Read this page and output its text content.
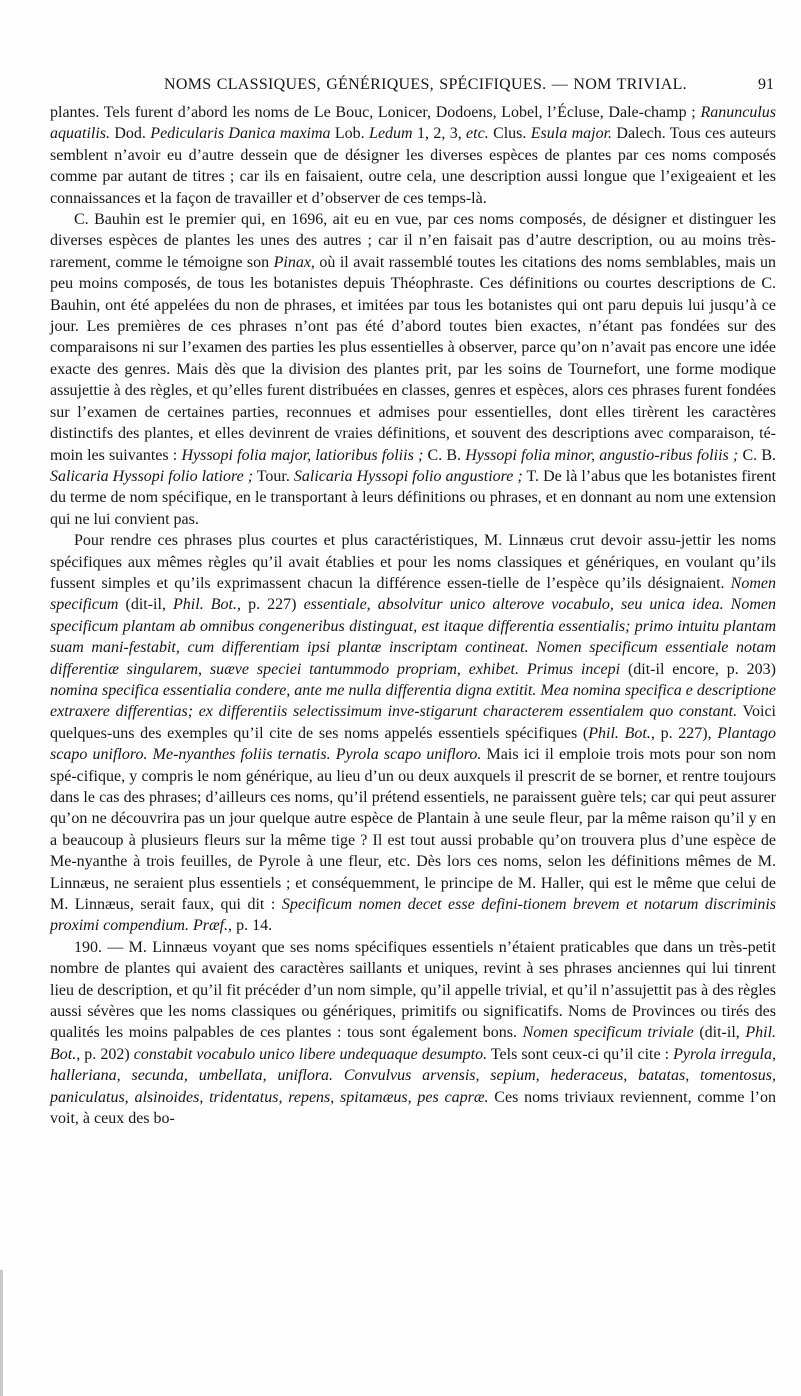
NOMS CLASSIQUES, GÉNÉRIQUES, SPÉCIFIQUES. — NOM TRIVIAL.	91

plantes. Tels furent d’abord les noms de Le Bouc, Lonicer, Dodoens, Lobel, l’Écluse, Dale-champ ; Ranunculus aquatilis. Dod. Pedicularis Danica maxima Lob. Ledum 1, 2, 3, etc. Clus. Esula major. Dalech. Tous ces auteurs semblent n’avoir eu d’autre dessein que de désigner les diverses espèces de plantes par ces noms composés comme par autant de titres ; car ils en faisaient, outre cela, une description aussi longue que l’exigeaient et les connaissances et la façon de travailler et d’observer de ces temps-là.

C. Bauhin est le premier qui, en 1696, ait eu en vue, par ces noms composés, de désigner et distinguer les diverses espèces de plantes les unes des autres ; car il n’en faisait pas d’autre description, ou au moins très-rarement, comme le témoigne son Pinax, où il avait rassemblé toutes les citations des noms semblables, mais un peu moins composés, de tous les botanistes depuis Théophraste. Ces définitions ou courtes descriptions de C. Bauhin, ont été appelées du non de phrases, et imitées par tous les botanistes qui ont paru depuis lui jusqu’à ce jour. Les premières de ces phrases n’ont pas été d’abord toutes bien exactes, n’étant pas fondées sur des comparaisons ni sur l’examen des parties les plus essentielles à observer, parce qu’on n’avait pas encore une idée exacte des genres. Mais dès que la division des plantes prit, par les soins de Tournefort, une forme modique assujettie à des règles, et qu’elles furent distribuées en classes, genres et espèces, alors ces phrases furent fondées sur l’examen de certaines parties, reconnues et admises pour essentielles, dont elles tirèrent les caractères distinctifs des plantes, et elles devinrent de vraies définitions, et souvent des descriptions avec comparaison, té-moin les suivantes : Hyssopi folia major, latioribus foliis ; C. B. Hyssopi folia minor, angustio-ribus foliis ; C. B. Salicaria Hyssopi folio latiore ; Tour. Salicaria Hyssopi folio angustiore ; T. De là l’abus que les botanistes firent du terme de nom spécifique, en le transportant à leurs définitions ou phrases, et en donnant au nom une extension qui ne lui convient pas.

Pour rendre ces phrases plus courtes et plus caractéristiques, M. Linnæus crut devoir assu-jettir les noms spécifiques aux mêmes règles qu’il avait établies et pour les noms classiques et génériques, en voulant qu’ils fussent simples et qu’ils exprimassent chacun la différence essen-tielle de l’espèce qu’ils désignaient. Nomen specificum (dit-il, Phil. Bot., p. 227) essentiale, absolvitur unico alterove vocabulo, seu unica idea. Nomen specificum plantam ab omnibus congeneribus distinguat, est itaque differentia essentialis; primo intuitu plantam suam mani-festabit, cum differentiam ipsi plantæ inscriptam contineat. Nomen specificum essentiale notam differentiæ singularem, suæve speciei tantummodo propriam, exhibet. Primus incepi (dit-il encore, p. 203) nomina specifica essentialia condere, ante me nulla differentia digna extitit. Mea nomina specifica e descriptione extraxere differentias; ex differentiis selectissimum inve-stigarunt characterem essentialem quo constant. Voici quelques-uns des exemples qu’il cite de ses noms appelés essentiels spécifiques (Phil. Bot., p. 227), Plantago scapo unifloro. Me-nyanthes foliis ternatis. Pyrola scapo unifloro. Mais ici il emploie trois mots pour son nom spé-cifique, y compris le nom générique, au lieu d’un ou deux auxquels il prescrit de se borner, et rentre toujours dans le cas des phrases; d’ailleurs ces noms, qu’il prétend essentiels, ne paraissent guère tels; car qui peut assurer qu’on ne découvrira pas un jour quelque autre espèce de Plantain à une seule fleur, par la même raison qu’il y en a beaucoup à plusieurs fleurs sur la même tige ? Il est tout aussi probable qu’on trouvera plus d’une espèce de Me-nyanthe à trois feuilles, de Pyrole à une fleur, etc. Dès lors ces noms, selon les définitions mêmes de M. Linnæus, ne seraient plus essentiels ; et conséquemment, le principe de M. Haller, qui est le même que celui de M. Linnæus, serait faux, qui dit : Specificum nomen decet esse defini-tionem brevem et notarum discriminis proximi compendium. Præf., p. 14.

190. — M. Linnæus voyant que ses noms spécifiques essentiels n’étaient praticables que dans un très-petit nombre de plantes qui avaient des caractères saillants et uniques, revint à ses phrases anciennes qui lui tinrent lieu de description, et qu’il fit précéder d’un nom simple, qu’il appelle trivial, et qu’il n’assujettit pas à des règles aussi sévères que les noms classiques ou génériques, primitifs ou significatifs. Noms de Provinces ou tirés des qualités les moins palpables de ces plantes : tous sont également bons. Nomen specificum triviale (dit-il, Phil. Bot., p. 202) constabit vocabulo unico libere undequaque desumpto. Tels sont ceux-ci qu’il cite : Pyrola irregula, halleriana, secunda, umbellata, uniflora. Convulvus arvensis, sepium, hederaceus, batatas, tomentosus, paniculatus, alsinoides, tridentatus, repens, spitamæus, pes capræ. Ces noms triviaux reviennent, comme l’on voit, à ceux des bo-
